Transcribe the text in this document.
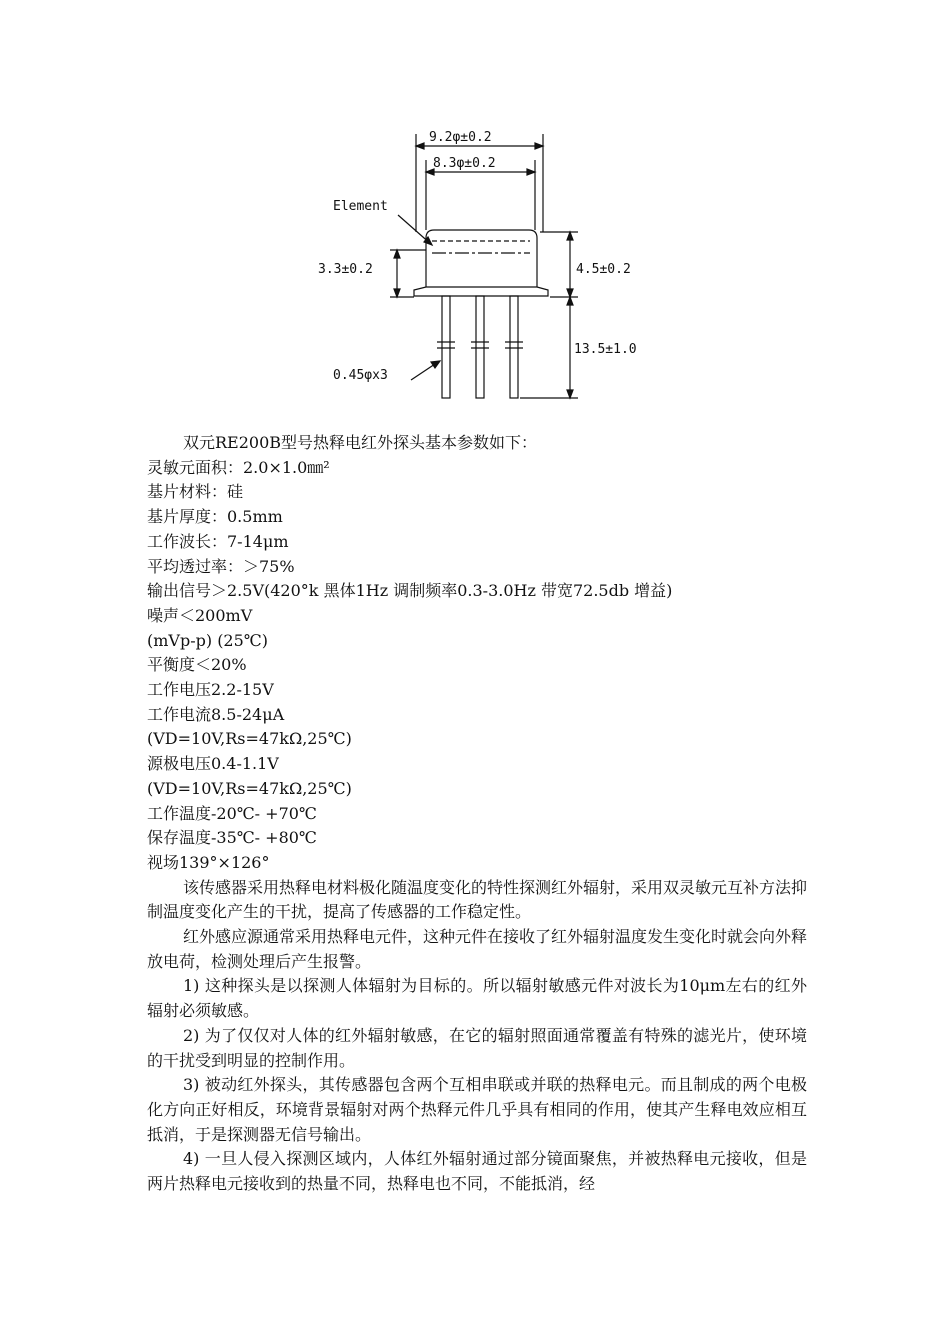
9.2φ±0.2
8.3φ±0.2
Element
3.3±0.2	4.5±0.2
13.5±1.0
0.45φx3

双元RE200B型号热释电红外探头基本参数如下：

灵敏元面积：2.0×1.0㎜²

基片材料：硅

基片厚度：0.5mm

工作波长：7-14μm

平均透过率：＞75%

输出信号＞2.5V(420°k 黑体1Hz 调制频率0.3-3.0Hz 带宽72.5db 增益)

噪声＜200mV

(mVp-p) (25℃)

平衡度＜20%

工作电压2.2-15V

工作电流8.5-24μA

(VD=10V,Rs=47kΩ,25℃)

源极电压0.4-1.1V

(VD=10V,Rs=47kΩ,25℃)

工作温度-20℃- +70℃

保存温度-35℃- +80℃

视场139°×126°

该传感器采用热释电材料极化随温度变化的特性探测红外辐射，采用双灵敏元互补方法抑制温度变化产生的干扰，提高了传感器的工作稳定性。

红外感应源通常采用热释电元件，这种元件在接收了红外辐射温度发生变化时就会向外释放电荷，检测处理后产生报警。

1) 这种探头是以探测人体辐射为目标的。所以辐射敏感元件对波长为10μm左右的红外辐射必须敏感。

2) 为了仅仅对人体的红外辐射敏感，在它的辐射照面通常覆盖有特殊的滤光片，使环境的干扰受到明显的控制作用。

3) 被动红外探头，其传感器包含两个互相串联或并联的热释电元。而且制成的两个电极化方向正好相反，环境背景辐射对两个热释元件几乎具有相同的作用，使其产生释电效应相互抵消，于是探测器无信号输出。

4) 一旦人侵入探测区域内，人体红外辐射通过部分镜面聚焦，并被热释电元接收，但是两片热释电元接收到的热量不同，热释电也不同，不能抵消，经
